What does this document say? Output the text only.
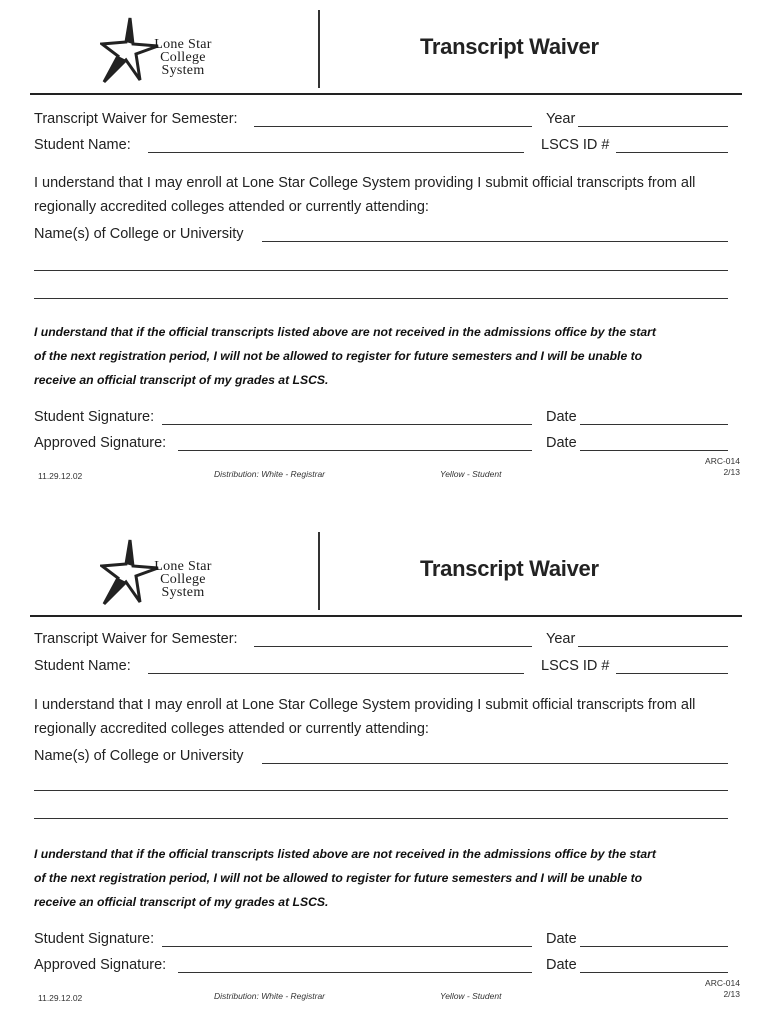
Lone Star
College
System
Transcript Waiver
Transcript Waiver for Semester:	Year
Student Name:	LSCS ID #
I understand that I may enroll at Lone Star College System providing I submit official transcripts from all
regionally accredited colleges attended or currently attending:
Name(s) of College or University
I understand that if the official transcripts listed above are not received in the admissions office by the start
of the next registration period, I will not be allowed to register for future semesters and I will be unable to
receive an official transcript of my grades at LSCS.
Student Signature:	Date
Approved Signature:	Date
11.29.12.02	Distribution: White - Registrar	Yellow - Student
ARC-014
2/13
Lone Star
College
System
Transcript Waiver
Transcript Waiver for Semester:	Year
Student Name:	LSCS ID #
I understand that I may enroll at Lone Star College System providing I submit official transcripts from all
regionally accredited colleges attended or currently attending:
Name(s) of College or University
I understand that if the official transcripts listed above are not received in the admissions office by the start
of the next registration period, I will not be allowed to register for future semesters and I will be unable to
receive an official transcript of my grades at LSCS.
Student Signature:	Date
Approved Signature:	Date
11.29.12.02	Distribution: White - Registrar	Yellow - Student
ARC-014
2/13
